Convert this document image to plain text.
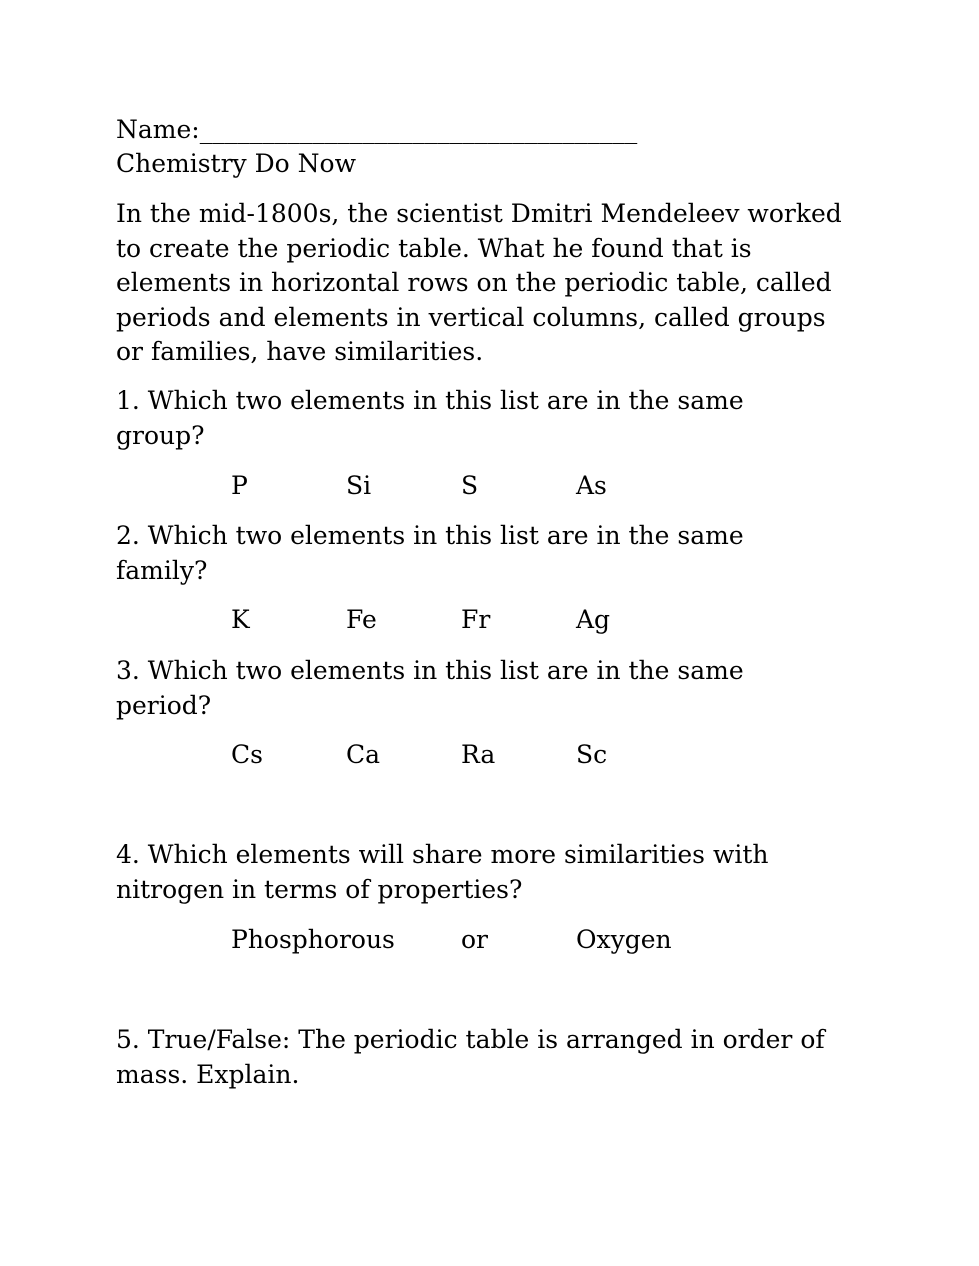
Name:___________________________________
Chemistry Do Now
In the mid-1800s, the scientist Dmitri Mendeleev worked
to create the periodic table. What he found that is
elements in horizontal rows on the periodic table, called
periods and elements in vertical columns, called groups
or families, have similarities.
1. Which two elements in this list are in the same
group?
P	Si	S	As
2. Which two elements in this list are in the same
family?
K	Fe	Fr	Ag
3. Which two elements in this list are in the same
period?
Cs	Ca	Ra	Sc
4. Which elements will share more similarities with
nitrogen in terms of properties?
Phosphorous	or	Oxygen
5. True/False: The periodic table is arranged in order of
mass. Explain.
